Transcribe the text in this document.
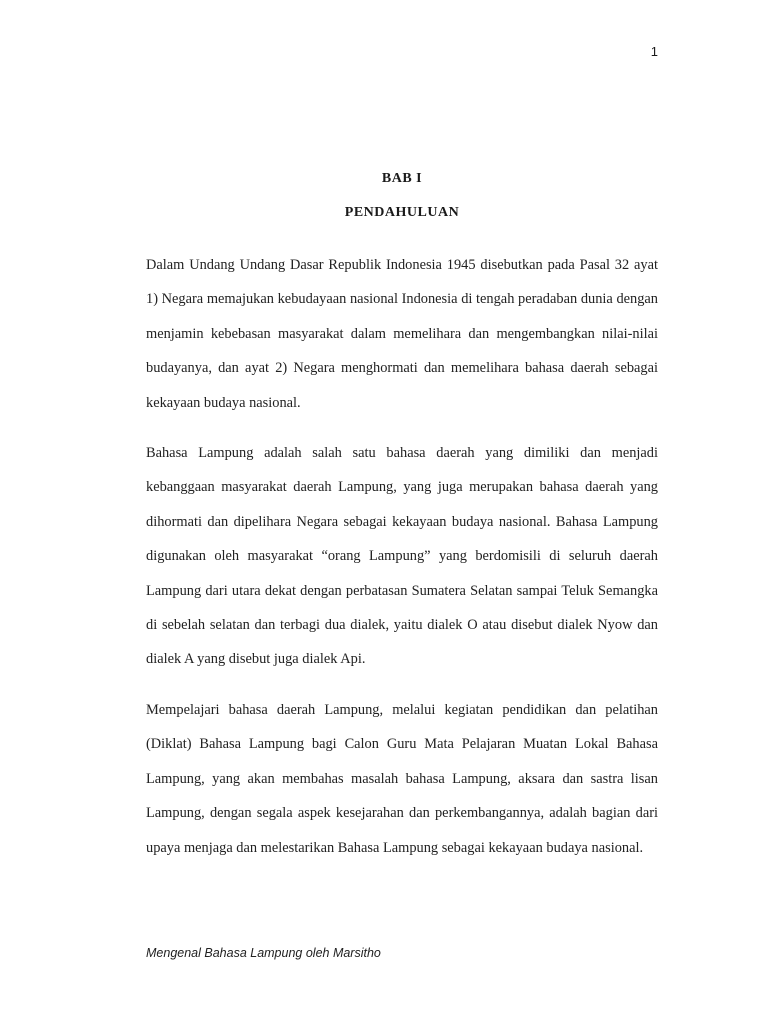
1
BAB I
PENDAHULUAN

Dalam Undang Undang Dasar Republik Indonesia 1945 disebutkan pada Pasal 32 ayat 1) Negara memajukan kebudayaan nasional Indonesia di tengah peradaban dunia dengan menjamin kebebasan masyarakat dalam memelihara dan mengembangkan nilai-nilai budayanya, dan ayat 2) Negara menghormati dan memelihara bahasa daerah sebagai kekayaan budaya nasional.

Bahasa Lampung adalah salah satu bahasa daerah yang dimiliki dan menjadi kebanggaan masyarakat daerah Lampung, yang juga merupakan bahasa daerah yang dihormati dan dipelihara Negara sebagai kekayaan budaya nasional. Bahasa Lampung digunakan oleh masyarakat “orang Lampung” yang berdomisili di seluruh daerah Lampung dari utara dekat dengan perbatasan Sumatera Selatan sampai Teluk Semangka di sebelah selatan dan terbagi dua dialek, yaitu dialek O atau disebut dialek Nyow dan dialek A yang disebut juga dialek Api.

Mempelajari bahasa daerah Lampung, melalui kegiatan pendidikan dan pelatihan (Diklat) Bahasa Lampung bagi Calon Guru Mata Pelajaran Muatan Lokal Bahasa Lampung, yang akan membahas masalah bahasa Lampung, aksara dan sastra lisan Lampung, dengan segala aspek kesejarahan dan perkembangannya, adalah bagian dari upaya menjaga dan melestarikan Bahasa Lampung sebagai kekayaan budaya nasional.

Mengenal Bahasa Lampung oleh Marsitho
